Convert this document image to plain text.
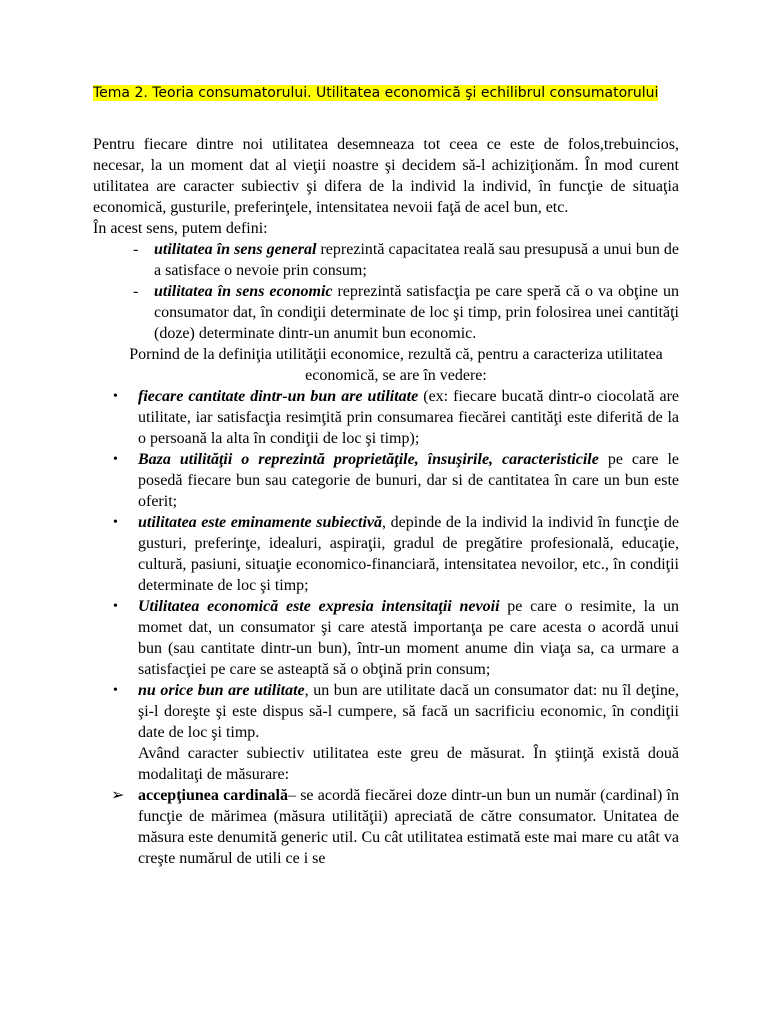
Tema 2. Teoria consumatorului. Utilitatea economică şi echilibrul consumatorului

Pentru fiecare dintre noi utilitatea desemneaza tot ceea ce este de folos,trebuincios, necesar, la un moment dat al vieţii noastre şi decidem să-l achiziţionăm. În mod curent utilitatea are caracter subiectiv şi difera de la individ la individ, în funcţie de situaţia economică, gusturile, preferinţele, intensitatea nevoii faţă de acel bun, etc.

În acest sens, putem defini:

- utilitatea în sens general reprezintă capacitatea reală sau presupusă a unui bun de a satisface o nevoie prin consum;
- utilitatea în sens economic reprezintă satisfacţia pe care speră că o va obţine un consumator dat, în condiţii determinate de loc şi timp, prin folosirea unei cantităţi (doze) determinate dintr-un anumit bun economic.

Pornind de la definiţia utilităţii economice, rezultă că, pentru a caracteriza utilitatea economică, se are în vedere:

• fiecare cantitate dintr-un bun are utilitate (ex: fiecare bucată dintr-o ciocolată are utilitate, iar satisfacţia resimţită prin consumarea fiecărei cantităţi este diferită de la o persoană la alta în condiţii de loc şi timp);
• Baza utilităţii o reprezintă proprietăţile, însuşirile, caracteristicile pe care le posedă fiecare bun sau categorie de bunuri, dar si de cantitatea în care un bun este oferit;
• utilitatea este eminamente subiectivă, depinde de la individ la individ în funcţie de gusturi, preferinţe, idealuri, aspiraţii, gradul de pregătire profesională, educaţie, cultură, pasiuni, situaţie economico-financiară, intensitatea nevoilor, etc., în condiţii determinate de loc şi timp;
• Utilitatea economică este expresia intensitaţii nevoii pe care o resimite, la un momet dat, un consumator şi care atestă importanţa pe care acesta o acordă unui bun (sau cantitate dintr-un bun), într-un moment anume din viaţa sa, ca urmare a satisfacţiei pe care se asteaptă să o obţină prin consum;
• nu orice bun are utilitate, un bun are utilitate dacă un consumator dat: nu îl deţine, şi-l doreşte şi este dispus să-l cumpere, să facă un sacrificiu economic, în condiţii date de loc şi timp.

Având caracter subiectiv utilitatea este greu de măsurat. În ştiinţă există două modalitaţi de măsurare:

➢ accepţiunea cardinală– se acordă fiecărei doze dintr-un bun un număr (cardinal) în funcţie de mărimea (măsura utilităţii) apreciată de către consumator. Unitatea de măsura este denumită generic util. Cu cât utilitatea estimată este mai mare cu atât va creşte numărul de utili ce i se
